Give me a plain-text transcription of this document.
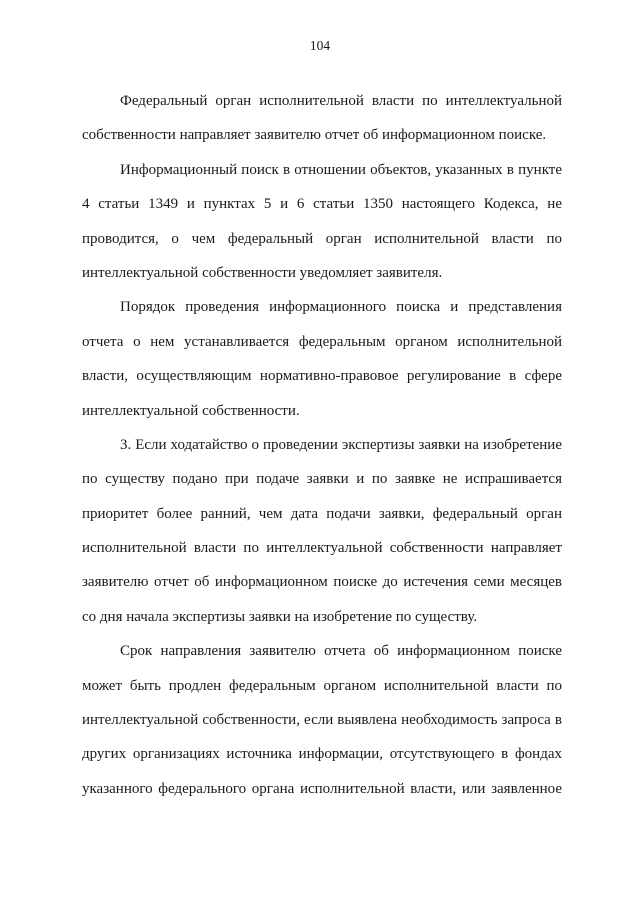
104
Федеральный орган исполнительной власти по интеллектуальной
собственности направляет заявителю отчет об информационном поиске.
Информационный поиск в отношении объектов, указанных в пункте
4 статьи 1349 и пунктах 5 и 6 статьи 1350 настоящего Кодекса, не
проводится, о чем федеральный орган исполнительной власти по
интеллектуальной собственности уведомляет заявителя.
Порядок проведения информационного поиска и представления
отчета о нем устанавливается федеральным органом исполнительной
власти, осуществляющим нормативно-правовое регулирование в сфере
интеллектуальной собственности.
3. Если ходатайство о проведении экспертизы заявки на изобретение
по существу подано при подаче заявки и по заявке не испрашивается
приоритет более ранний, чем дата подачи заявки, федеральный орган
исполнительной власти по интеллектуальной собственности направляет
заявителю отчет об информационном поиске до истечения семи месяцев
со дня начала экспертизы заявки на изобретение по существу.
Срок направления заявителю отчета об информационном поиске
может быть продлен федеральным органом исполнительной власти по
интеллектуальной собственности, если выявлена необходимость запроса в
других организациях источника информации, отсутствующего в фондах
указанного федерального органа исполнительной власти, или заявленное
